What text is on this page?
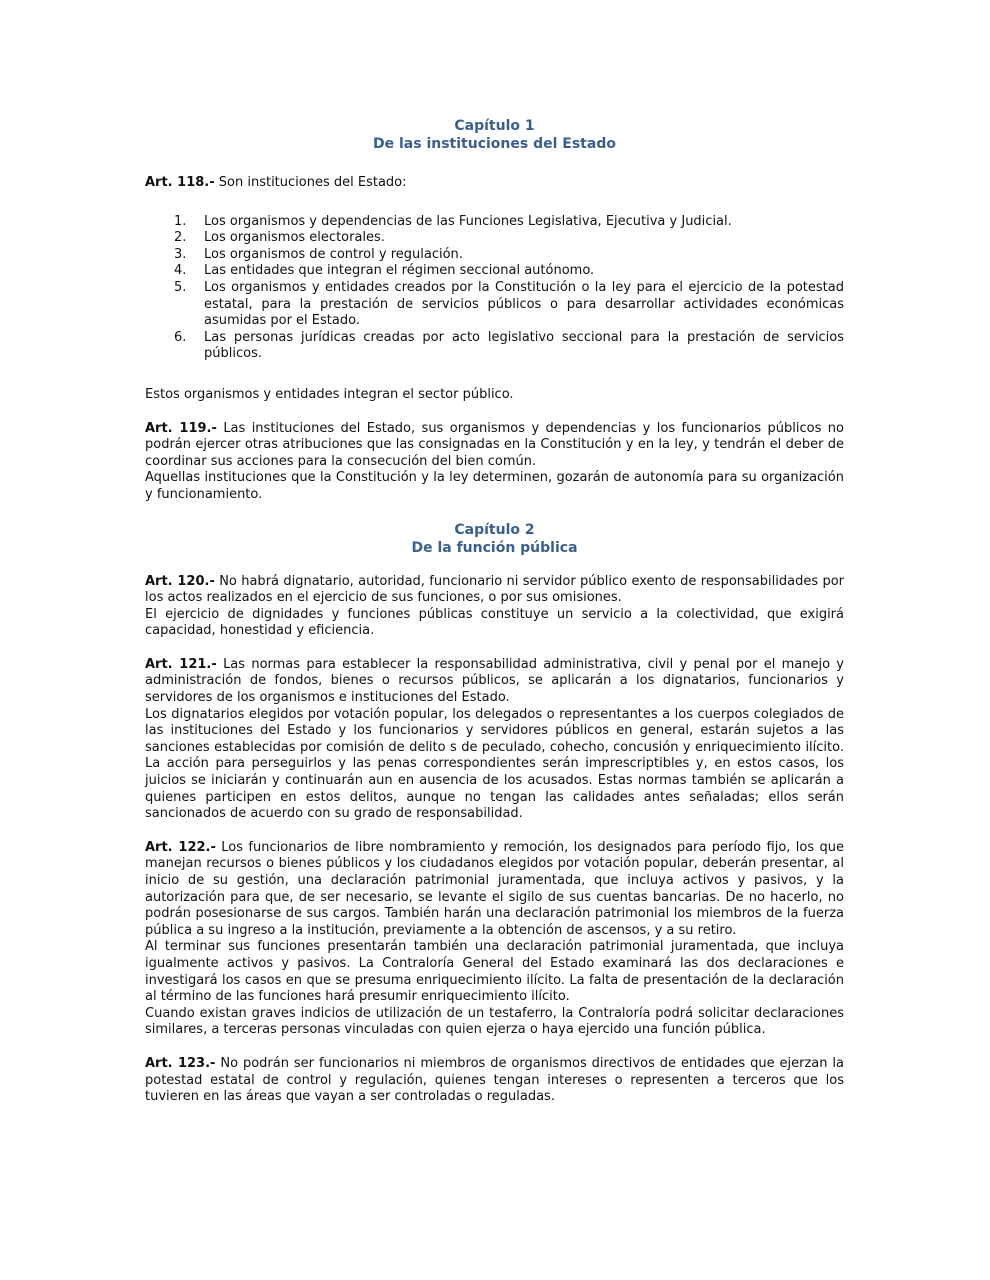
Capítulo 1
De las instituciones del Estado

Art. 118.- Son instituciones del Estado:

1. Los organismos y dependencias de las Funciones Legislativa, Ejecutiva y Judicial.
2. Los organismos electorales.
3. Los organismos de control y regulación.
4. Las entidades que integran el régimen seccional autónomo.
5. Los organismos y entidades creados por la Constitución o la ley para el ejercicio de la potestad estatal, para la prestación de servicios públicos o para desarrollar actividades económicas asumidas por el Estado.
6. Las personas jurídicas creadas por acto legislativo seccional para la prestación de servicios públicos.

Estos organismos y entidades integran el sector público.

Art. 119.- Las instituciones del Estado, sus organismos y dependencias y los funcionarios públicos no podrán ejercer otras atribuciones que las consignadas en la Constitución y en la ley, y tendrán el deber de coordinar sus acciones para la consecución del bien común.

Aquellas instituciones que la Constitución y la ley determinen, gozarán de autonomía para su organización y funcionamiento.

Capítulo 2
De la función pública

Art. 120.- No habrá dignatario, autoridad, funcionario ni servidor público exento de responsabilidades por los actos realizados en el ejercicio de sus funciones, o por sus omisiones.

El ejercicio de dignidades y funciones públicas constituye un servicio a la colectividad, que exigirá capacidad, honestidad y eficiencia.

Art. 121.- Las normas para establecer la responsabilidad administrativa, civil y penal por el manejo y administración de fondos, bienes o recursos públicos, se aplicarán a los dignatarios, funcionarios y servidores de los organismos e instituciones del Estado.

Los dignatarios elegidos por votación popular, los delegados o representantes a los cuerpos colegiados de las instituciones del Estado y los funcionarios y servidores públicos en general, estarán sujetos a las sanciones establecidas por comisión de delito s de peculado, cohecho, concusión y enriquecimiento ilícito. La acción para perseguirlos y las penas correspondientes serán imprescriptibles y, en estos casos, los juicios se iniciarán y continuarán aun en ausencia de los acusados. Estas normas también se aplicarán a quienes participen en estos delitos, aunque no tengan las calidades antes señaladas; ellos serán sancionados de acuerdo con su grado de responsabilidad.

Art. 122.- Los funcionarios de libre nombramiento y remoción, los designados para período fijo, los que manejan recursos o bienes públicos y los ciudadanos elegidos por votación popular, deberán presentar, al inicio de su gestión, una declaración patrimonial juramentada, que incluya activos y pasivos, y la autorización para que, de ser necesario, se levante el sigilo de sus cuentas bancarias. De no hacerlo, no podrán posesionarse de sus cargos. También harán una declaración patrimonial los miembros de la fuerza pública a su ingreso a la institución, previamente a la obtención de ascensos, y a su retiro.

Al terminar sus funciones presentarán también una declaración patrimonial juramentada, que incluya igualmente activos y pasivos. La Contraloría General del Estado examinará las dos declaraciones e investigará los casos en que se presuma enriquecimiento ilícito. La falta de presentación de la declaración al término de las funciones hará presumir enriquecimiento ilícito.

Cuando existan graves indicios de utilización de un testaferro, la Contraloría podrá solicitar declaraciones similares, a terceras personas vinculadas con quien ejerza o haya ejercido una función pública.

Art. 123.- No podrán ser funcionarios ni miembros de organismos directivos de entidades que ejerzan la potestad estatal de control y regulación, quienes tengan intereses o representen a terceros que los tuvieren en las áreas que vayan a ser controladas o reguladas.
